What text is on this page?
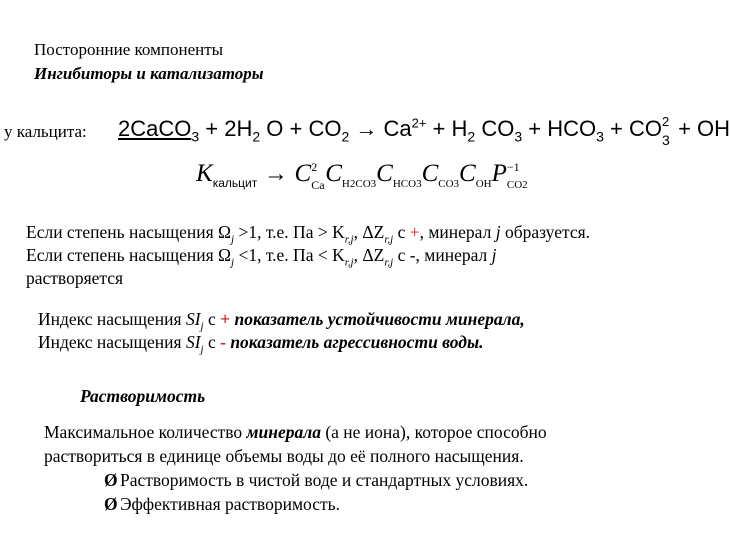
Посторонние компоненты
Ингибиторы и катализаторы
у кальцита: 2CaCO$_3$ + $2H_2$ $O + CO_2 \to Ca^{2+} + H_2$ $CO_3 + HCO_3$ + CO 2
3 + OH
$K_{кальцит} \to C$ 2
Ca $C_{H2CO3}C_{HCO3}C_{CO3}C_{OH}P -1$
CO2
Если степень насыщения $\Omega_j >1$, т.е. Па > $K_{r,j}$, $\Delta Z_{r,j}$ с +, минерал j образуется.
Если степень насыщения $\Omega_j <1$, т.е. Па < $K_{r,j}$, $\Delta Z_{r,j}$ с -, минерал j
растворяется
Индекс насыщения $SI_j$ с + показатель устойчивости минерала,
Индекс насыщения $SI_j$ с - показатель агрессивности воды.
Растворимость
Максимальное количество минерала (а не иона), которое способно
раствориться в единице объемы воды до её полного насыщения.
Ø Растворимость в чистой воде и стандартных условиях.
Ø Эффективная растворимость.
